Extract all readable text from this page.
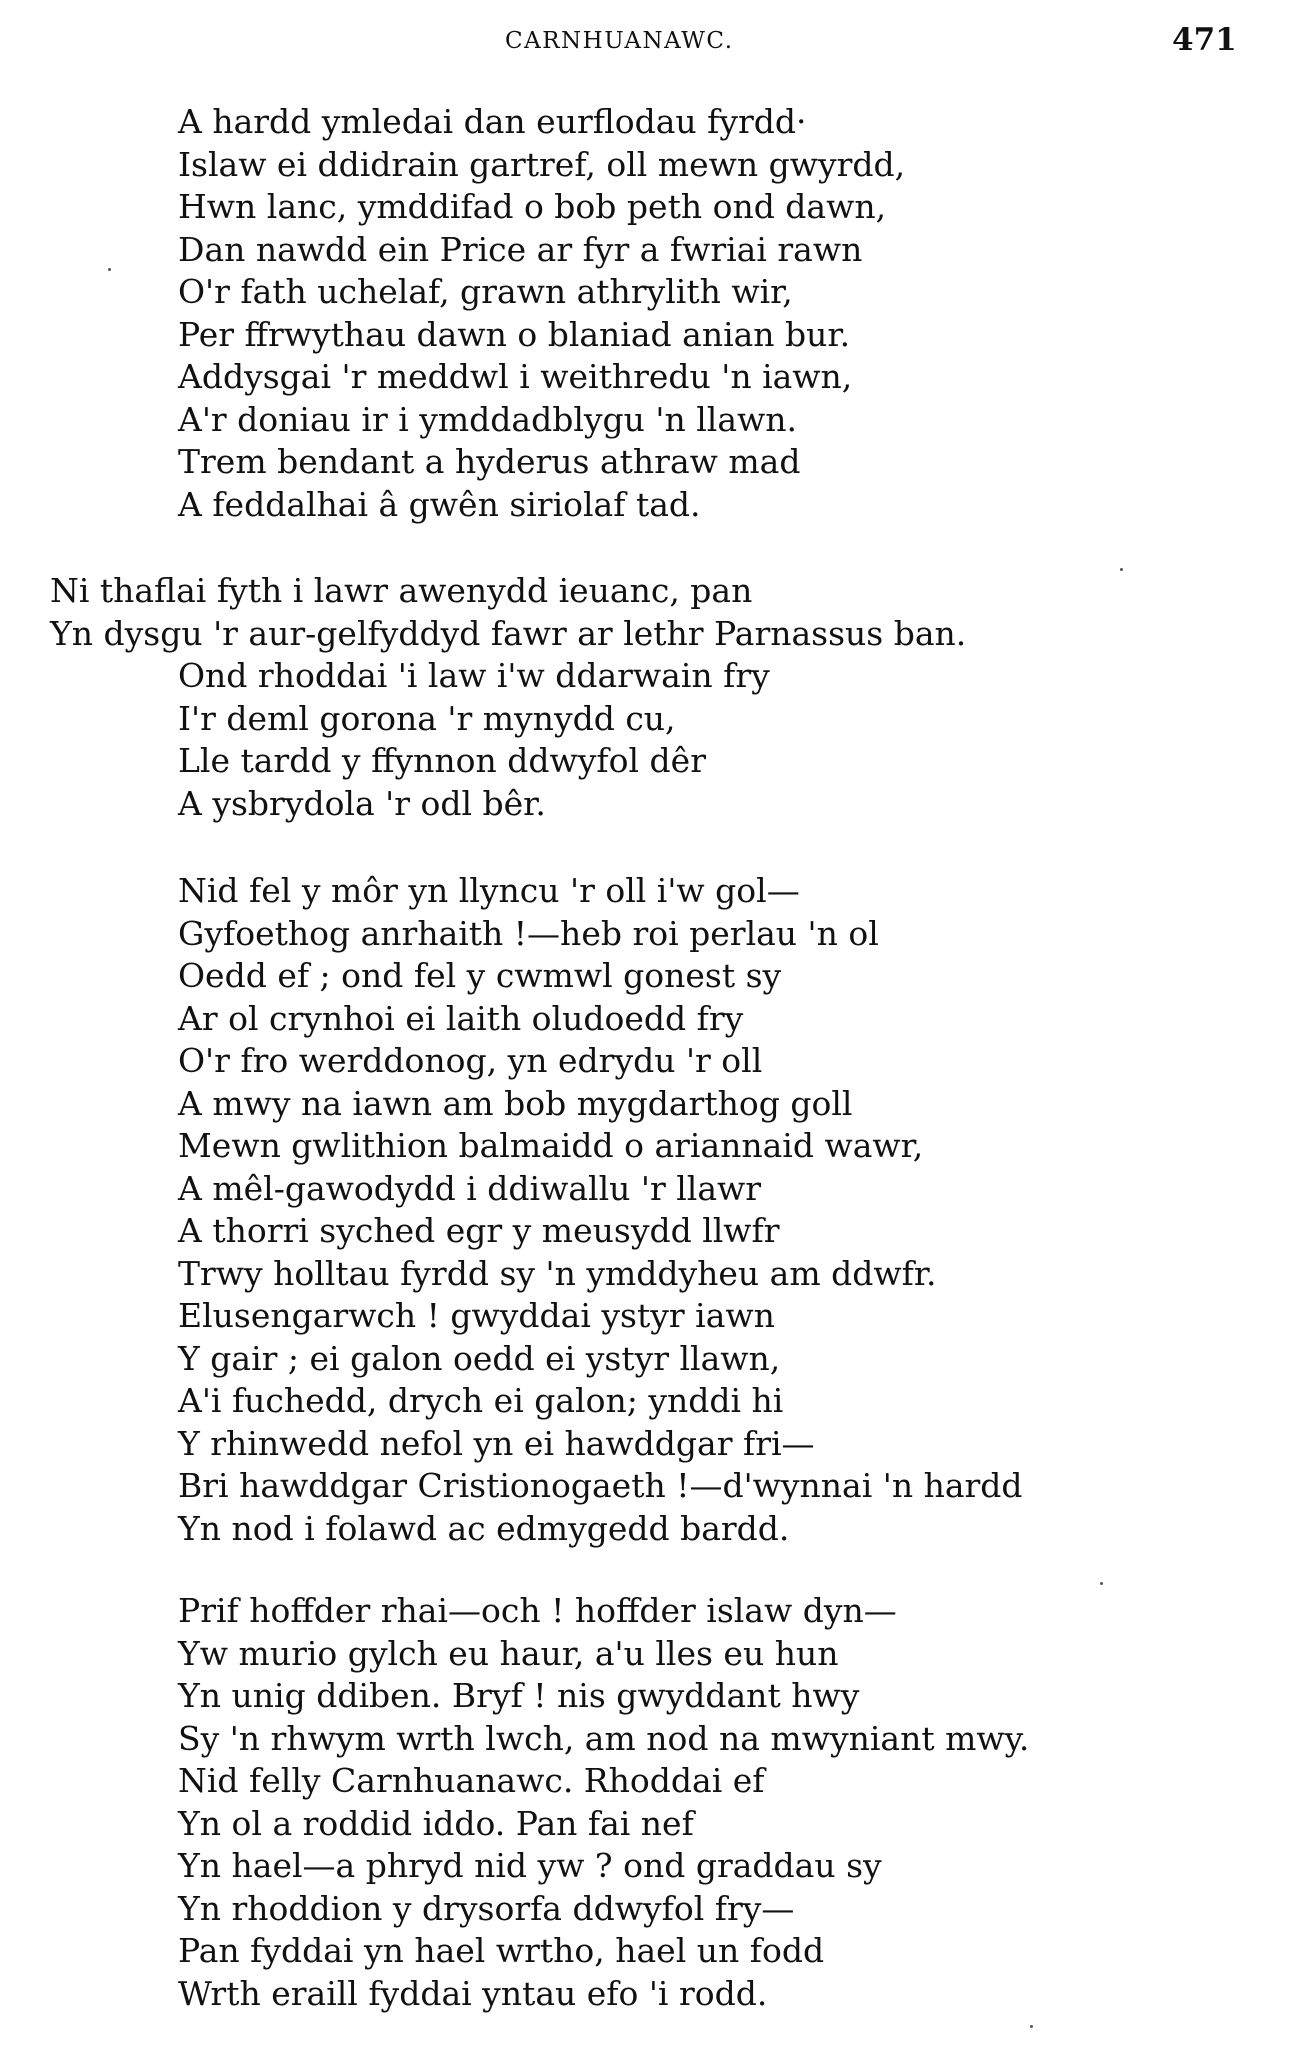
CARNHUANAWC.	471
A hardd ymledai dan eurflodau fyrdd·
Islaw ei ddidrain gartref, oll mewn gwyrdd,
Hwn lanc, ymddifad o bob peth ond dawn,
Dan nawdd ein Price ar fyr a fwriai rawn
O'r fath uchelaf, grawn athrylith wir,
Per ffrwythau dawn o blaniad anian bur.
Addysgai 'r meddwl i weithredu 'n iawn,
A'r doniau ir i ymddadblygu 'n llawn.
Trem bendant a hyderus athraw mad
A feddalhai â gwên siriolaf tad.
Ni thaflai fyth i lawr awenydd ieuanc, pan
Yn dysgu 'r aur-gelfyddyd fawr ar lethr Parnassus ban.
Ond rhoddai 'i law i'w ddarwain fry
I'r deml gorona 'r mynydd cu,
Lle tardd y ffynnon ddwyfol dêr
A ysbrydola 'r odl bêr.
Nid fel y môr yn llyncu 'r oll i'w gol—
Gyfoethog anrhaith !—heb roi perlau 'n ol
Oedd ef ; ond fel y cwmwl gonest sy
Ar ol crynhoi ei laith oludoedd fry
O'r fro werddonog, yn edrydu 'r oll
A mwy na iawn am bob mygdarthog goll
Mewn gwlithion balmaidd o ariannaid wawr,
A mêl-gawodydd i ddiwallu 'r llawr
A thorri syched egr y meusydd llwfr
Trwy holltau fyrdd sy 'n ymddyheu am ddwfr.
Elusengarwch ! gwyddai ystyr iawn
Y gair ; ei galon oedd ei ystyr llawn,
A'i fuchedd, drych ei galon; ynddi hi
Y rhinwedd nefol yn ei hawddgar fri—
Bri hawddgar Cristionogaeth !—d'wynnai 'n hardd
Yn nod i folawd ac edmygedd bardd.
Prif hoffder rhai—och ! hoffder islaw dyn—
Yw murio gylch eu haur, a'u lles eu hun
Yn unig ddiben. Bryf ! nis gwyddant hwy
Sy 'n rhwym wrth lwch, am nod na mwyniant mwy.
Nid felly Carnhuanawc. Rhoddai ef
Yn ol a roddid iddo. Pan fai nef
Yn hael—a phryd nid yw ? ond graddau sy
Yn rhoddion y drysorfa ddwyfol fry—
Pan fyddai yn hael wrtho, hael un fodd
Wrth eraill fyddai yntau efo 'i rodd.
